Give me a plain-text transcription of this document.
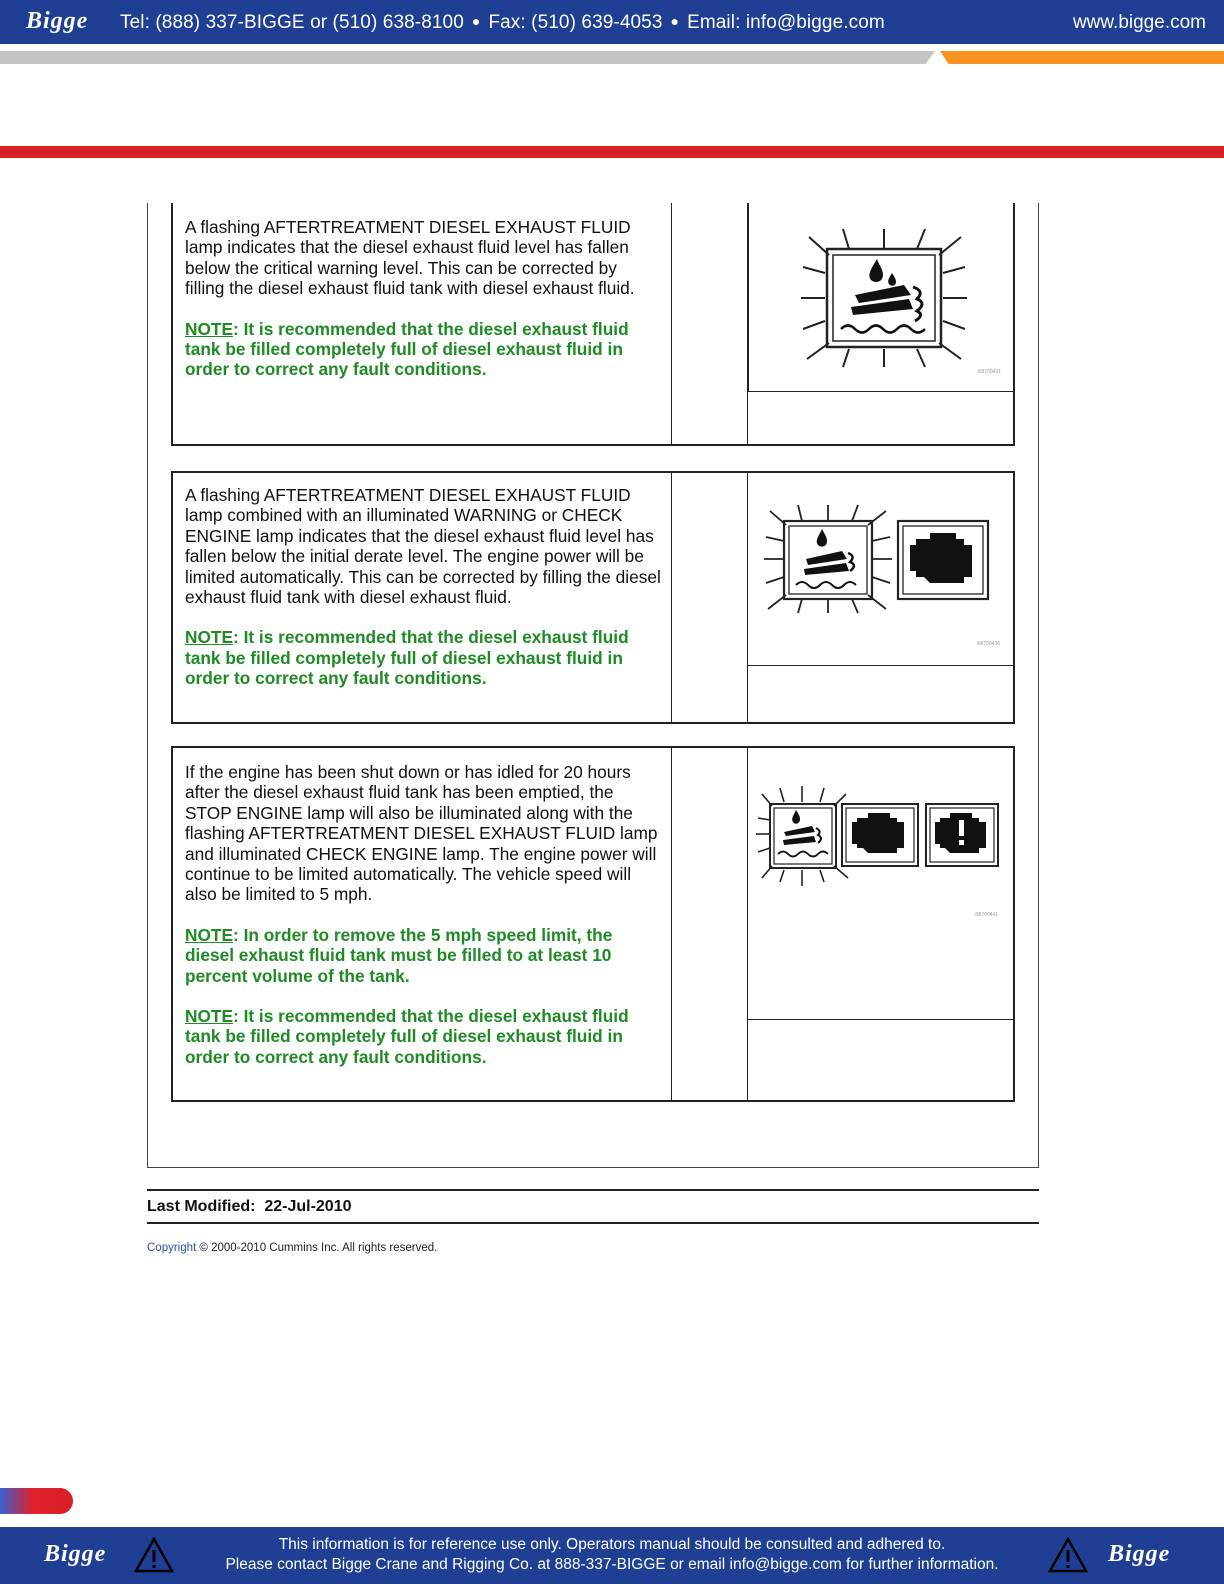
Bigge Tel: (888) 337-BIGGE or (510) 638-8100 ● Fax: (510) 639-4053 ● Email: info@bigge.com	www.bigge.com

A flashing AFTERTREATMENT DIESEL EXHAUST FLUID lamp indicates that the diesel exhaust fluid level has fallen below the critical warning level. This can be corrected by filling the diesel exhaust fluid tank with diesel exhaust fluid.

NOTE: It is recommended that the diesel exhaust fluid tank be filled completely full of diesel exhaust fluid in order to correct any fault conditions.	i08700431

A flashing AFTERTREATMENT DIESEL EXHAUST FLUID lamp combined with an illuminated WARNING or CHECK ENGINE lamp indicates that the diesel exhaust fluid level has fallen below the initial derate level. The engine power will be limited automatically. This can be corrected by filling the diesel exhaust fluid tank with diesel exhaust fluid.

NOTE: It is recommended that the diesel exhaust fluid tank be filled completely full of diesel exhaust fluid in order to correct any fault conditions.

i08700436

If the engine has been shut down or has idled for 20 hours after the diesel exhaust fluid tank has been emptied, the STOP ENGINE lamp will also be illuminated along with the flashing AFTERTREATMENT DIESEL EXHAUST FLUID lamp and illuminated CHECK ENGINE lamp. The engine power will continue to be limited automatically. The vehicle speed will also be limited to 5 mph.

NOTE: In order to remove the 5 mph speed limit, the diesel exhaust fluid tank must be filled to at least 10 percent volume of the tank.

NOTE: It is recommended that the diesel exhaust fluid tank be filled completely full of diesel exhaust fluid in order to correct any fault conditions.

i08700441
Last Modified: 22-Jul-2010
Copyright © 2000-2010 Cummins Inc. All rights reserved.
Bigge	This information is for reference use only. Operators manual should be consulted and adhered to.
Please contact Bigge Crane and Rigging Co. at 888-337-BIGGE or email info@bigge.com for further information.	Bigge
